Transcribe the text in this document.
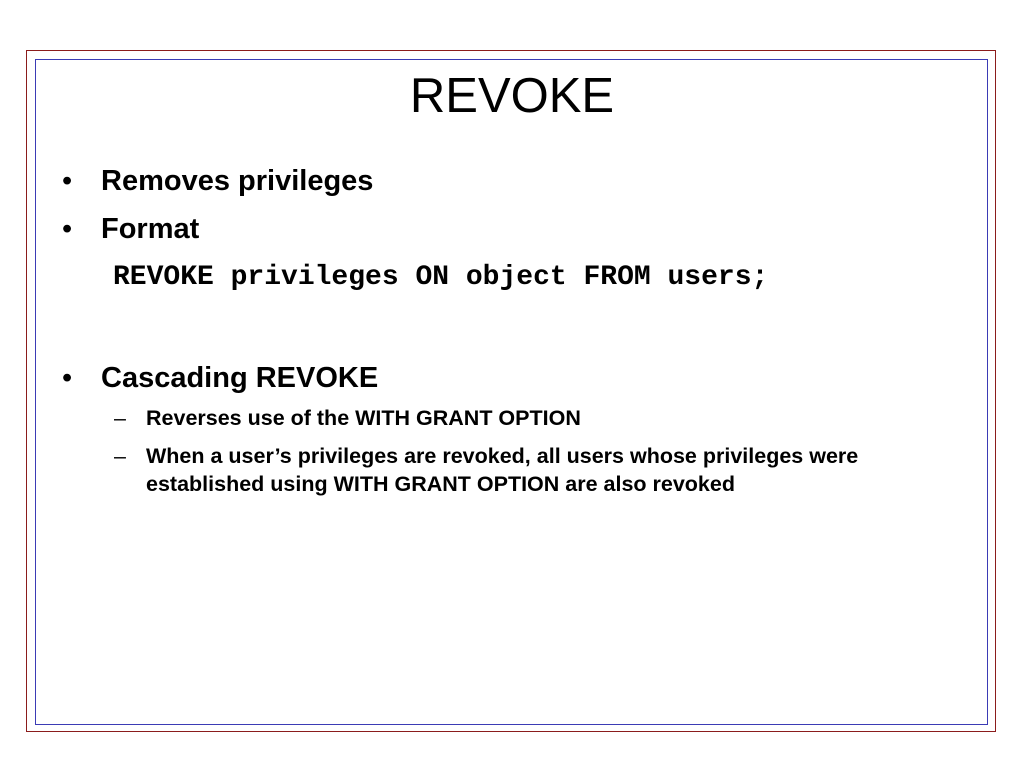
REVOKE
• Removes privileges
• Format
REVOKE privileges ON object FROM users;
• Cascading REVOKE
– Reverses use of the WITH GRANT OPTION
– When a user’s privileges are revoked, all users whose privileges were established using WITH GRANT OPTION are also revoked
